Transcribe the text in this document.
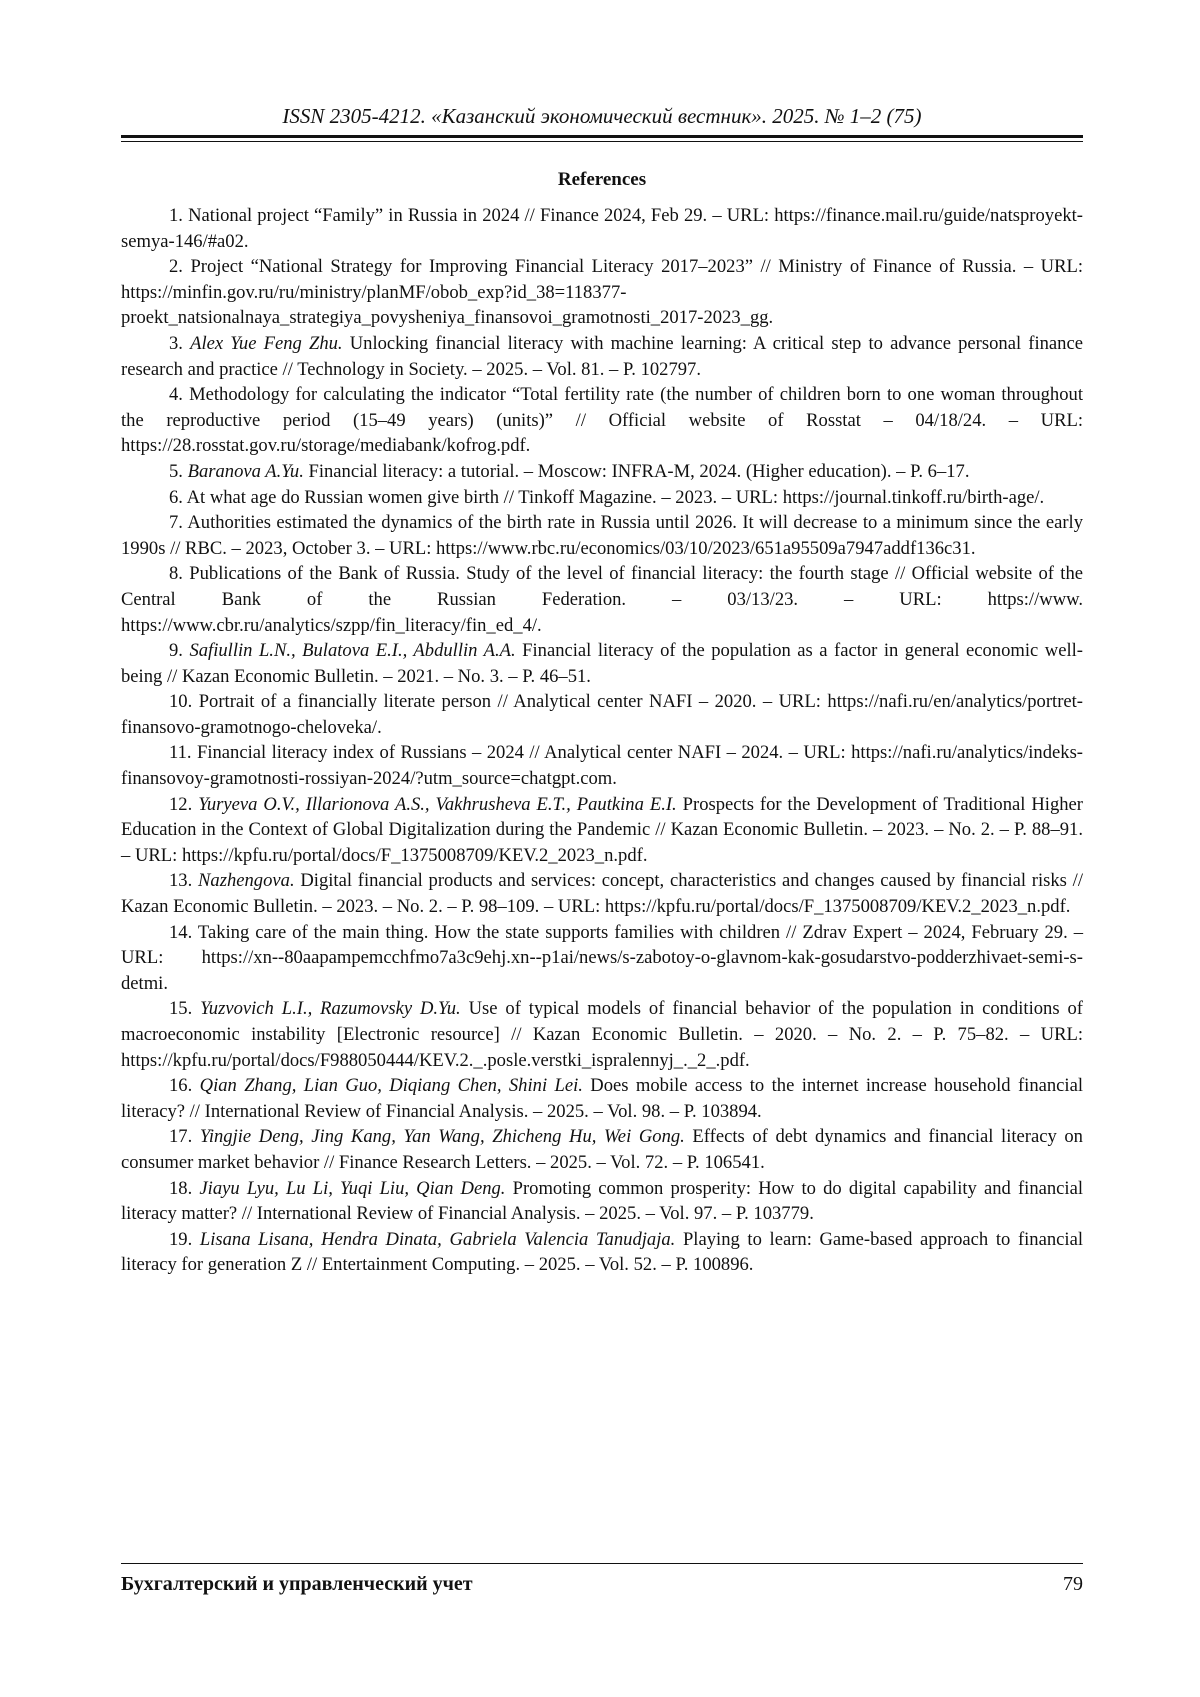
ISSN 2305-4212. «Казанский экономический вестник». 2025. № 1–2 (75)
References
1. National project “Family” in Russia in 2024 // Finance 2024, Feb 29. – URL: https://finance.mail.ru/guide/natsproyekt-semya-146/#a02.
2. Project “National Strategy for Improving Financial Literacy 2017–2023” // Ministry of Finance of Russia. – URL: https://minfin.gov.ru/ru/ministry/planMF/obob_exp?id_38=118377-proekt_natsionalnaya_strategiya_povysheniya_finansovoi_gramotnosti_2017-2023_gg.
3. Alex Yue Feng Zhu. Unlocking financial literacy with machine learning: A critical step to advance personal finance research and practice // Technology in Society. – 2025. – Vol. 81. – P. 102797.
4. Methodology for calculating the indicator “Total fertility rate (the number of children born to one woman throughout the reproductive period (15–49 years) (units)” // Official website of Rosstat – 04/18/24. – URL: https://28.rosstat.gov.ru/storage/mediabank/kofrog.pdf.
5. Baranova A.Yu. Financial literacy: a tutorial. – Moscow: INFRA-M, 2024. (Higher education). – P. 6–17.
6. At what age do Russian women give birth // Tinkoff Magazine. – 2023. – URL: https://journal.tinkoff.ru/birth-age/.
7. Authorities estimated the dynamics of the birth rate in Russia until 2026. It will decrease to a minimum since the early 1990s // RBC. – 2023, October 3. – URL: https://www.rbc.ru/economics/03/10/2023/651a95509a7947addf136c31.
8. Publications of the Bank of Russia. Study of the level of financial literacy: the fourth stage // Official website of the Central Bank of the Russian Federation. – 03/13/23. – URL: https://www. https://www.cbr.ru/analytics/szpp/fin_literacy/fin_ed_4/.
9. Safiullin L.N., Bulatova E.I., Abdullin A.A. Financial literacy of the population as a factor in general economic well-being // Kazan Economic Bulletin. – 2021. – No. 3. – P. 46–51.
10. Portrait of a financially literate person // Analytical center NAFI – 2020. – URL: https://nafi.ru/en/analytics/portret-finansovo-gramotnogo-cheloveka/.
11. Financial literacy index of Russians – 2024 // Analytical center NAFI – 2024. – URL: https://nafi.ru/analytics/indeks-finansovoy-gramotnosti-rossiyan-2024/?utm_source=chatgpt.com.
12. Yuryeva O.V., Illarionova A.S., Vakhrusheva E.T., Pautkina E.I. Prospects for the Development of Traditional Higher Education in the Context of Global Digitalization during the Pandemic // Kazan Economic Bulletin. – 2023. – No. 2. – P. 88–91. – URL: https://kpfu.ru/portal/docs/F_1375008709/KEV.2_2023_n.pdf.
13. Nazhengova. Digital financial products and services: concept, characteristics and changes caused by financial risks // Kazan Economic Bulletin. – 2023. – No. 2. – P. 98–109. – URL: https://kpfu.ru/portal/docs/F_1375008709/KEV.2_2023_n.pdf.
14. Taking care of the main thing. How the state supports families with children // Zdrav Expert – 2024, February 29. – URL: https://xn--80aapampemcchfmo7a3c9ehj.xn--p1ai/news/s-zabotoy-o-glavnom-kak-gosudarstvo-podderzhivaet-semi-s-detmi.
15. Yuzvovich L.I., Razumovsky D.Yu. Use of typical models of financial behavior of the population in conditions of macroeconomic instability [Electronic resource] // Kazan Economic Bulletin. – 2020. – No. 2. – P. 75–82. – URL: https://kpfu.ru/portal/docs/F988050444/KEV.2._.posle.verstki_ispralennyj_._2_.pdf.
16. Qian Zhang, Lian Guo, Diqiang Chen, Shini Lei. Does mobile access to the internet increase household financial literacy? // International Review of Financial Analysis. – 2025. – Vol. 98. – P. 103894.
17. Yingjie Deng, Jing Kang, Yan Wang, Zhicheng Hu, Wei Gong. Effects of debt dynamics and financial literacy on consumer market behavior // Finance Research Letters. – 2025. – Vol. 72. – P. 106541.
18. Jiayu Lyu, Lu Li, Yuqi Liu, Qian Deng. Promoting common prosperity: How to do digital capability and financial literacy matter? // International Review of Financial Analysis. – 2025. – Vol. 97. – P. 103779.
19. Lisana Lisana, Hendra Dinata, Gabriela Valencia Tanudjaja. Playing to learn: Game-based approach to financial literacy for generation Z // Entertainment Computing. – 2025. – Vol. 52. – P. 100896.
Бухгалтерский и управленческий учет	79
